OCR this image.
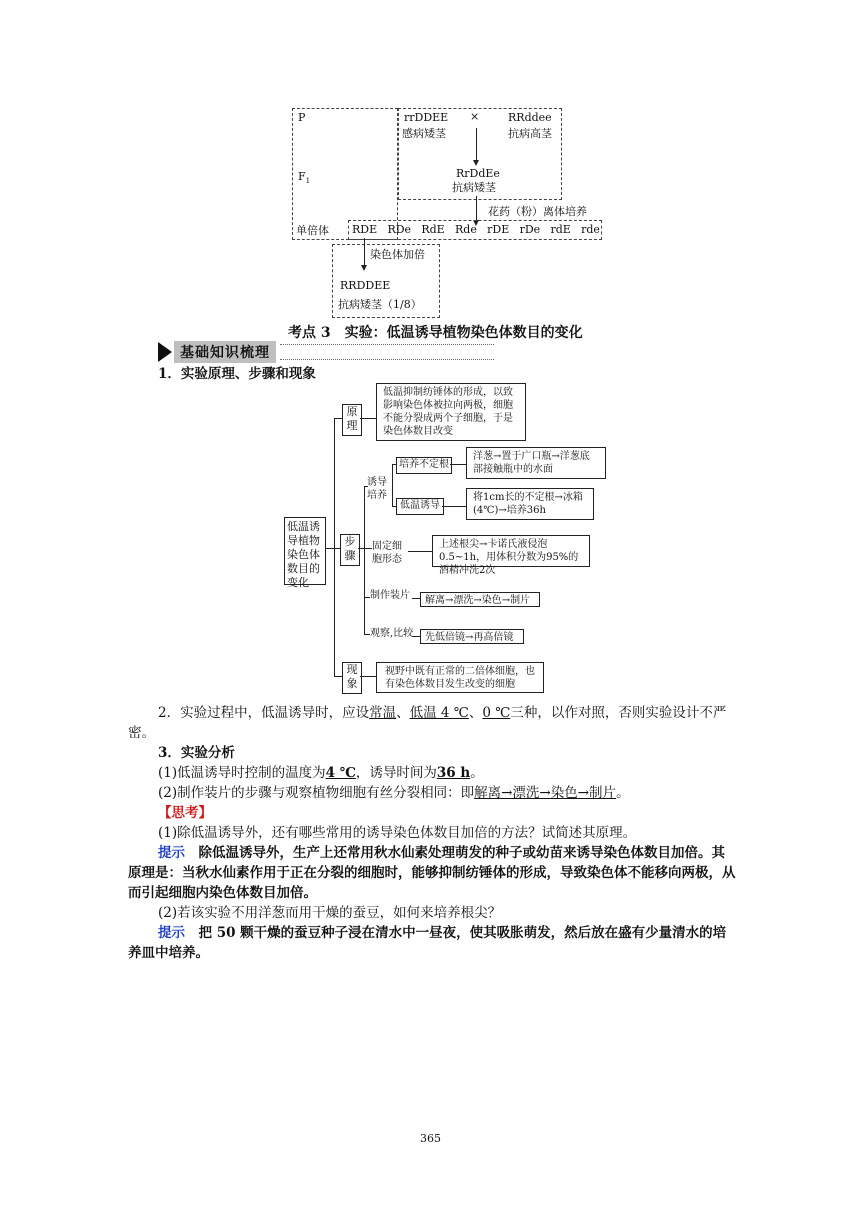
P
$F_1$
单倍体
rrDDEE ×	RRddee
感病矮茎	抗病高茎
RrDdEe
抗病矮茎
花药（粉）离体培养
RDE RDe RdE Rde rDE rDe rdE rde
染色体加倍
RRDDEE
抗病矮茎（1/8）
考点 3　实验：低温诱导植物染色体数目的变化
基础知识梳理
1．实验原理、步骤和现象
低温诱导植物染色体数目的变化
原理
低温抑制纺锤体的形成，以致影响染色体被拉向两极，细胞不能分裂成两个子细胞，于是染色体数目改变
步骤
诱导培养
培养不定根
洋葱→置于广口瓶→洋葱底部接触瓶中的水面
低温诱导
将1cm长的不定根→冰箱(4℃)→培养36h
固定细胞形态
上述根尖→卡诺氏液侵泡0.5~1h，用体积分数为95%的酒精冲洗2次
制作装片	解离→漂洗→染色→制片
观察,比较	先低倍镜→再高倍镜
现象
视野中既有正常的二倍体细胞，也有染色体数目发生改变的细胞
2．实验过程中，低温诱导时，应设常温、低温 4 ℃、0 ℃三种，以作对照，否则实验设计不严密。
3．实验分析
(1)低温诱导时控制的温度为4 ℃，诱导时间为36 h。
(2)制作装片的步骤与观察植物细胞有丝分裂相同：即解离→漂洗→染色→制片。
【思考】
(1)除低温诱导外，还有哪些常用的诱导染色体数目加倍的方法？试简述其原理。
提示　 除低温诱导外，生产上还常用秋水仙素处理萌发的种子或幼苗来诱导染色体数目加倍。其原理是：当秋水仙素作用于正在分裂的细胞时，能够抑制纺锤体的形成，导致染色体不能移向两极，从而引起细胞内染色体数目加倍。
(2)若该实验不用洋葱而用干燥的蚕豆，如何来培养根尖？
提示　 把 50 颗干燥的蚕豆种子浸在清水中一昼夜，使其吸胀萌发，然后放在盛有少量清水的培养皿中培养。
365
